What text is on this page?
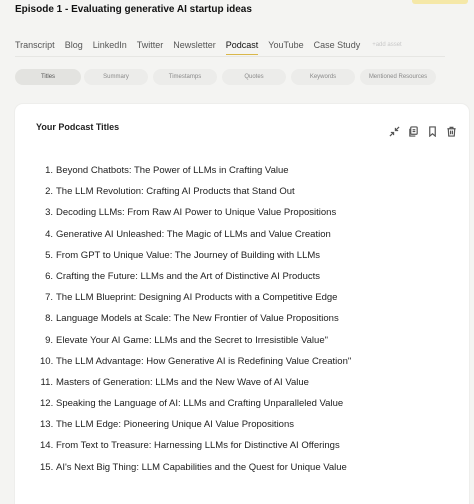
Episode 1 - Evaluating generative AI startup ideas
Transcript Blog LinkedIn Twitter Newsletter Podcast YouTube Case Study +add asset
Titles	Summary	Timestamps	Quotes	Keywords	Mentioned Resources
Your Podcast Titles
1. Beyond Chatbots: The Power of LLMs in Crafting Value
2. The LLM Revolution: Crafting AI Products that Stand Out
3. Decoding LLMs: From Raw AI Power to Unique Value Propositions
4. Generative AI Unleashed: The Magic of LLMs and Value Creation
5. From GPT to Unique Value: The Journey of Building with LLMs
6. Crafting the Future: LLMs and the Art of Distinctive AI Products
7. The LLM Blueprint: Designing AI Products with a Competitive Edge
8. Language Models at Scale: The New Frontier of Value Propositions
9. Elevate Your AI Game: LLMs and the Secret to Irresistible Value"
10. The LLM Advantage: How Generative AI is Redefining Value Creation"
11. Masters of Generation: LLMs and the New Wave of AI Value
12. Speaking the Language of AI: LLMs and Crafting Unparalleled Value
13. The LLM Edge: Pioneering Unique AI Value Propositions
14. From Text to Treasure: Harnessing LLMs for Distinctive AI Offerings
15. AI's Next Big Thing: LLM Capabilities and the Quest for Unique Value
